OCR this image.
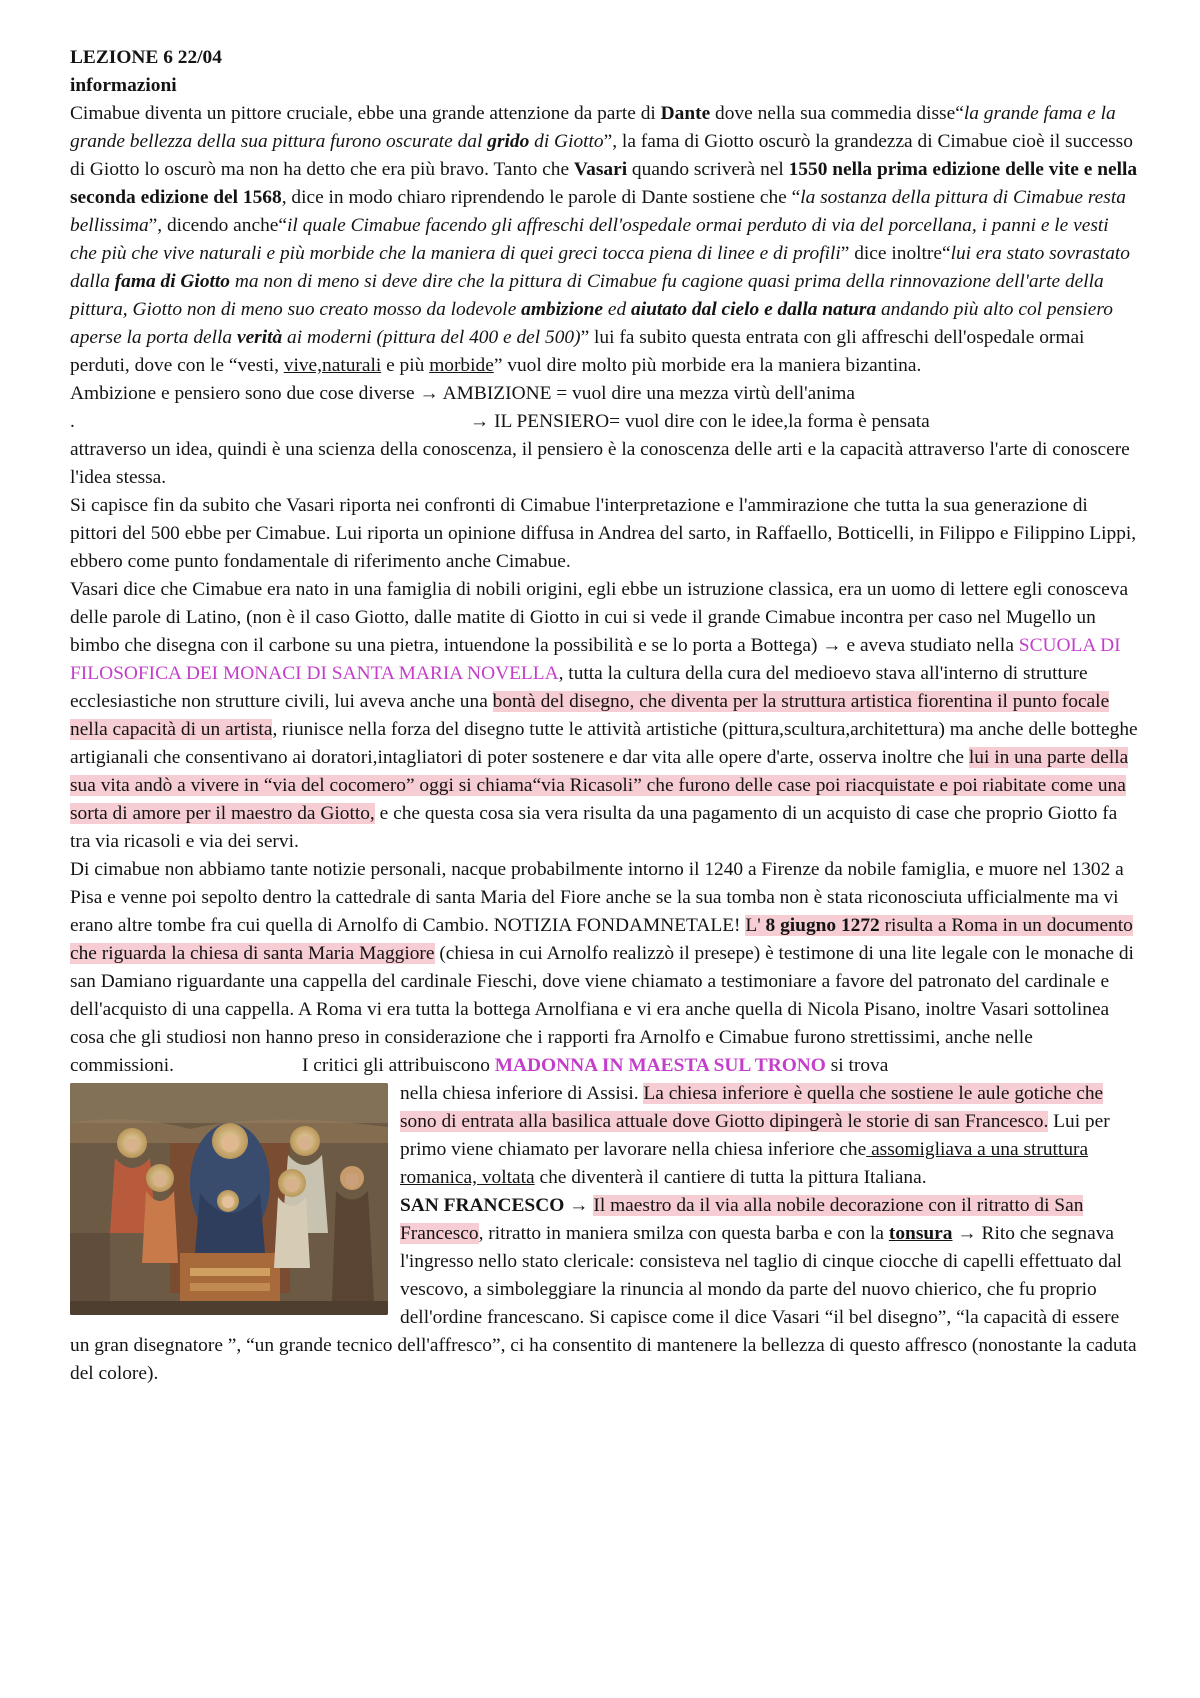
LEZIONE 6 22/04

informazioni

Cimabue diventa un pittore cruciale, ebbe una grande attenzione da parte di Dante dove nella sua commedia disse“la grande fama e la grande bellezza della sua pittura furono oscurate dal grido di Giotto”, la fama di Giotto oscurò la grandezza di Cimabue cioè il successo di Giotto lo oscurò ma non ha detto che era più bravo. Tanto che Vasari quando scriverà nel 1550 nella prima edizione delle vite e nella seconda edizione del 1568, dice in modo chiaro riprendendo le parole di Dante sostiene che “la sostanza della pittura di Cimabue resta bellissima”, dicendo anche“il quale Cimabue facendo gli affreschi dell'ospedale ormai perduto di via del porcellana, i panni e le vesti che più che vive naturali e più morbide che la maniera di quei greci tocca piena di linee e di profili” dice inoltre“lui era stato sovrastato dalla fama di Giotto ma non di meno si deve dire che la pittura di Cimabue fu cagione quasi prima della rinnovazione dell'arte della pittura, Giotto non di meno suo creato mosso da lodevole ambizione ed aiutato dal cielo e dalla natura andando più alto col pensiero aperse la porta della verità ai moderni (pittura del 400 e del 500)” lui fa subito questa entrata con gli affreschi dell'ospedale ormai perduti, dove con le “vesti, vive,naturali e più morbide” vuol dire molto più morbide era la maniera bizantina.

Ambizione e pensiero sono due cose diverse → AMBIZIONE = vuol dire una mezza virtù dell'anima

.	→ IL PENSIERO= vuol dire con le idee,la forma è pensata

attraverso un idea, quindi è una scienza della conoscenza, il pensiero è la conoscenza delle arti e la capacità attraverso l'arte di conoscere l'idea stessa.

Si capisce fin da subito che Vasari riporta nei confronti di Cimabue l'interpretazione e l'ammirazione che tutta la sua generazione di pittori del 500 ebbe per Cimabue. Lui riporta un opinione diffusa in Andrea del sarto, in Raffaello, Botticelli, in Filippo e Filippino Lippi, ebbero come punto fondamentale di riferimento anche Cimabue.

Vasari dice che Cimabue era nato in una famiglia di nobili origini, egli ebbe un istruzione classica, era un uomo di lettere egli conosceva delle parole di Latino, (non è il caso Giotto, dalle matite di Giotto in cui si vede il grande Cimabue incontra per caso nel Mugello un bimbo che disegna con il carbone su una pietra, intuendone la possibilità e se lo porta a Bottega) → e aveva studiato nella SCUOLA DI FILOSOFICA DEI MONACI DI SANTA MARIA NOVELLA, tutta la cultura della cura del medioevo stava all'interno di strutture ecclesiastiche non strutture civili, lui aveva anche una bontà del disegno, che diventa per la struttura artistica fiorentina il punto focale nella capacità di un artista, riunisce nella forza del disegno tutte le attività artistiche (pittura,scultura,architettura) ma anche delle botteghe artigianali che consentivano ai doratori,intagliatori di poter sostenere e dar vita alle opere d'arte, osserva inoltre che lui in una parte della sua vita andò a vivere in “via del cocomero” oggi si chiama“via Ricasoli” che furono delle case poi riacquistate e poi riabitate come una sorta di amore per il maestro da Giotto, e che questa cosa sia vera risulta da una pagamento di un acquisto di case che proprio Giotto fa tra via ricasoli e via dei servi.

Di cimabue non abbiamo tante notizie personali, nacque probabilmente intorno il 1240 a Firenze da nobile famiglia, e muore nel 1302 a Pisa e venne poi sepolto dentro la cattedrale di santa Maria del Fiore anche se la sua tomba non è stata riconosciuta ufficialmente ma vi erano altre tombe fra cui quella di Arnolfo di Cambio. NOTIZIA FONDAMNETALE! L' 8 giugno 1272 risulta a Roma in un documento che riguarda la chiesa di santa Maria Maggiore (chiesa in cui Arnolfo realizzò il presepe) è testimone di una lite legale con le monache di san Damiano riguardante una cappella del cardinale Fieschi, dove viene chiamato a testimoniare a favore del patronato del cardinale e dell'acquisto di una cappella. A Roma vi era tutta la bottega Arnolfiana e vi era anche quella di Nicola Pisano, inoltre Vasari sottolinea cosa che gli studiosi non hanno preso in considerazione che i rapporti fra Arnolfo e Cimabue furono strettissimi, anche nelle commissioni.	I critici gli attribuiscono MADONNA IN MAESTA SUL TRONO si trova

nella chiesa inferiore di Assisi. La chiesa inferiore è quella che sostiene le aule gotiche che sono di entrata alla basilica attuale dove Giotto dipingerà le storie di san Francesco. Lui per primo viene chiamato per lavorare nella chiesa inferiore che assomigliava a una struttura romanica, voltata che diventerà il cantiere di tutta la pittura Italiana.

SAN FRANCESCO → Il maestro da il via alla nobile decorazione con il ritratto di San Francesco, ritratto in maniera smilza con questa barba e con la tonsura → Rito che segnava l'ingresso nello stato clericale: consisteva nel taglio di cinque ciocche di capelli effettuato dal vescovo, a simboleggiare la rinuncia al mondo da parte del nuovo chierico, che fu proprio dell'ordine francescano. Si capisce come il dice Vasari “il bel disegno”, “la capacità di essere un gran disegnatore ”, “un grande tecnico dell'affresco”, ci ha consentito di mantenere la bellezza di questo affresco (nonostante la caduta del colore).
